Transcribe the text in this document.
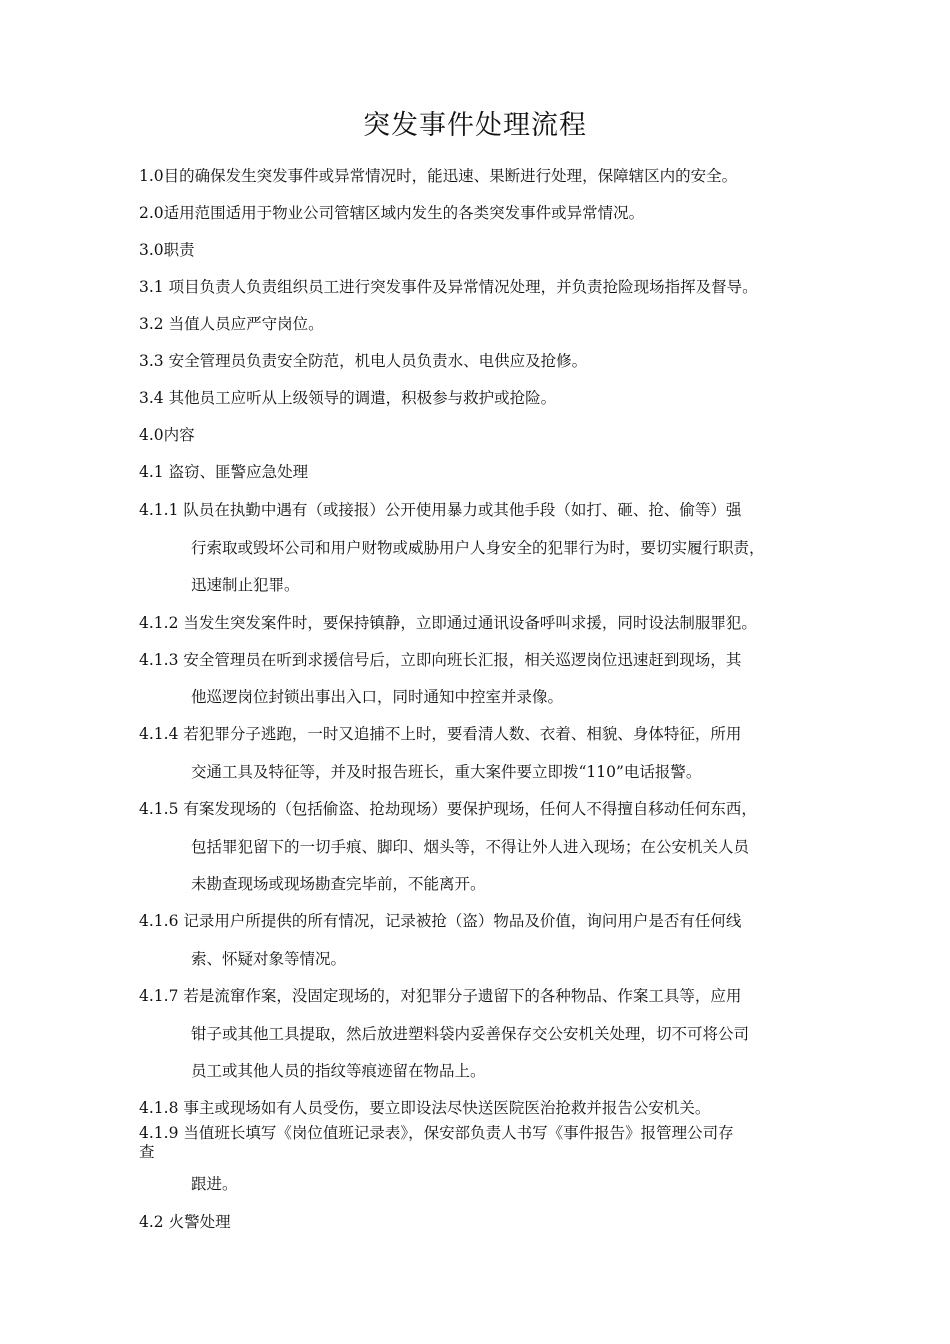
突发事件处理流程
1.0目的确保发生突发事件或异常情况时，能迅速、果断进行处理，保障辖区内的安全。
2.0适用范围适用于物业公司管辖区域内发生的各类突发事件或异常情况。
3.0职责
3.1 项目负责人负责组织员工进行突发事件及异常情况处理，并负责抢险现场指挥及督导。
3.2 当值人员应严守岗位。
3.3 安全管理员负责安全防范，机电人员负责水、电供应及抢修。
3.4 其他员工应听从上级领导的调遣，积极参与救护或抢险。
4.0内容
4.1 盗窃、匪警应急处理
4.1.1 队员在执勤中遇有（或接报）公开使用暴力或其他手段（如打、砸、抢、偷等）强
行索取或毁坏公司和用户财物或威胁用户人身安全的犯罪行为时，要切实履行职责，
迅速制止犯罪。
4.1.2 当发生突发案件时，要保持镇静，立即通过通讯设备呼叫求援，同时设法制服罪犯。
4.1.3 安全管理员在听到求援信号后，立即向班长汇报，相关巡逻岗位迅速赶到现场，其
他巡逻岗位封锁出事出入口，同时通知中控室并录像。
4.1.4 若犯罪分子逃跑，一时又追捕不上时，要看清人数、衣着、相貌、身体特征，所用
交通工具及特征等，并及时报告班长，重大案件要立即拨“110”电话报警。
4.1.5 有案发现场的（包括偷盗、抢劫现场）要保护现场，任何人不得擅自移动任何东西，
包括罪犯留下的一切手痕、脚印、烟头等，不得让外人进入现场；在公安机关人员
未勘查现场或现场勘查完毕前，不能离开。
4.1.6 记录用户所提供的所有情况，记录被抢（盗）物品及价值，询问用户是否有任何线
索、怀疑对象等情况。
4.1.7 若是流窜作案，没固定现场的，对犯罪分子遗留下的各种物品、作案工具等，应用
钳子或其他工具提取，然后放进塑料袋内妥善保存交公安机关处理，切不可将公司
员工或其他人员的指纹等痕迹留在物品上。
4.1.8 事主或现场如有人员受伤，要立即设法尽快送医院医治抢救并报告公安机关。
4.1.9 当值班长填写《岗位值班记录表》，保安部负责人书写《事件报告》报管理公司存
查
跟进。
4.2 火警处理
